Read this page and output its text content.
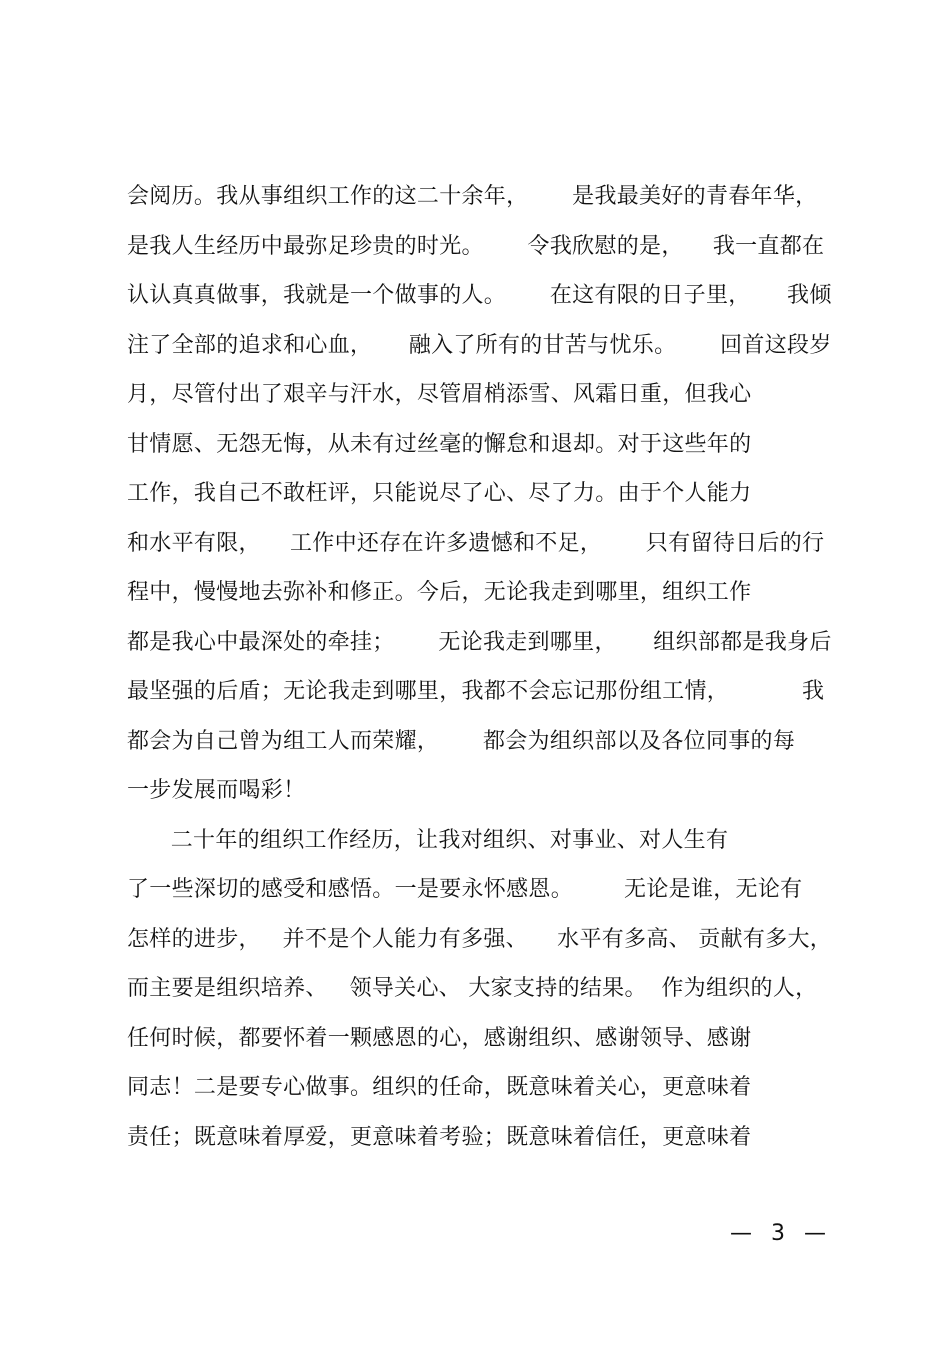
会阅历。我从事组织工作的这二十余年，      是我最美好的青春年华，
是我人生经历中最弥足珍贵的时光。      令我欣慰的是，    我一直都在
认认真真做事，我就是一个做事的人。      在这有限的日子里，     我倾
注了全部的追求和心血，     融入了所有的甘苦与忧乐。      回首这段岁
月，尽管付出了艰辛与汗水，尽管眉梢添雪、风霜日重，但我心
甘情愿、无怨无悔，从未有过丝毫的懈怠和退却。对于这些年的
工作，我自己不敢枉评，只能说尽了心、尽了力。由于个人能力
和水平有限，    工作中还存在许多遗憾和不足，      只有留待日后的行
程中，慢慢地去弥补和修正。今后，无论我走到哪里，组织工作
都是我心中最深处的牵挂；      无论我走到哪里，     组织部都是我身后
最坚强的后盾；无论我走到哪里，我都不会忘记那份组工情，          我
都会为自己曾为组工人而荣耀，      都会为组织部以及各位同事的每
一步发展而喝彩！
二十年的组织工作经历，让我对组织、对事业、对人生有
了一些深切的感受和感悟。一是要永怀感恩。       无论是谁，无论有
怎样的进步，   并不是个人能力有多强、    水平有多高、 贡献有多大，
而主要是组织培养、   领导关心、 大家支持的结果。  作为组织的人，
任何时候，都要怀着一颗感恩的心，感谢组织、感谢领导、感谢
同志！二是要专心做事。组织的任命，既意味着关心，更意味着
责任；既意味着厚爱，更意味着考验；既意味着信任，更意味着
— 3 —
